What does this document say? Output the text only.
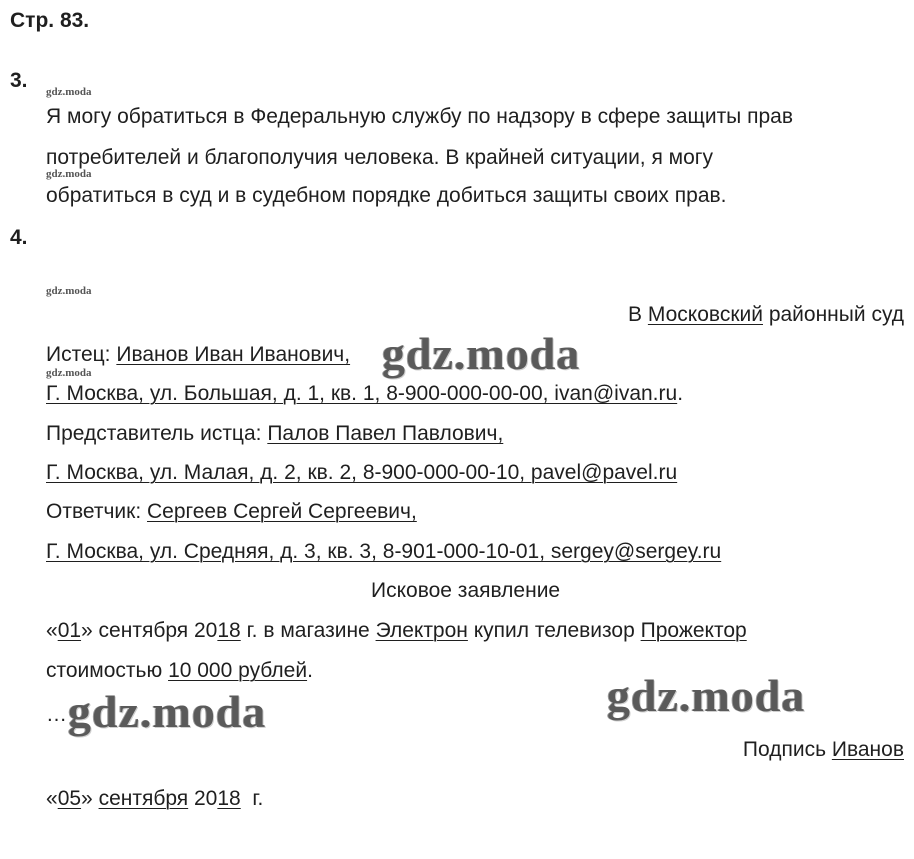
Стр. 83.
3. gdz.moda
Я могу обратиться в Федеральную службу по надзору в сфере защиты прав
потребителей и благополучия человека. В крайней ситуации, я могу
gdz.moda
обратиться в суд и в судебном порядке добиться защиты своих прав.
4.
gdz.moda
В Московский районный суд
Истец: Иванов Иван Иванович, gdz.moda
gdz.moda
Г. Москва, ул. Большая, д. 1, кв. 1, 8-900-000-00-00, ivan@ivan.ru.
Представитель истца: Палов Павел Павлович,
Г. Москва, ул. Малая, д. 2, кв. 2, 8-900-000-00-10, pavel@pavel.ru
Ответчик: Сергеев Сергей Сергеевич,
Г. Москва, ул. Средняя, д. 3, кв. 3, 8-901-000-10-01, sergey@sergey.ru
Исковое заявление
«01» сентября 2018 г. в магазине Электрон купил телевизор Прожектор
стоимостью 10 000 рублей.	gdz.moda
… gdz.moda
Подпись Иванов
«05» сентября 2018  г.
